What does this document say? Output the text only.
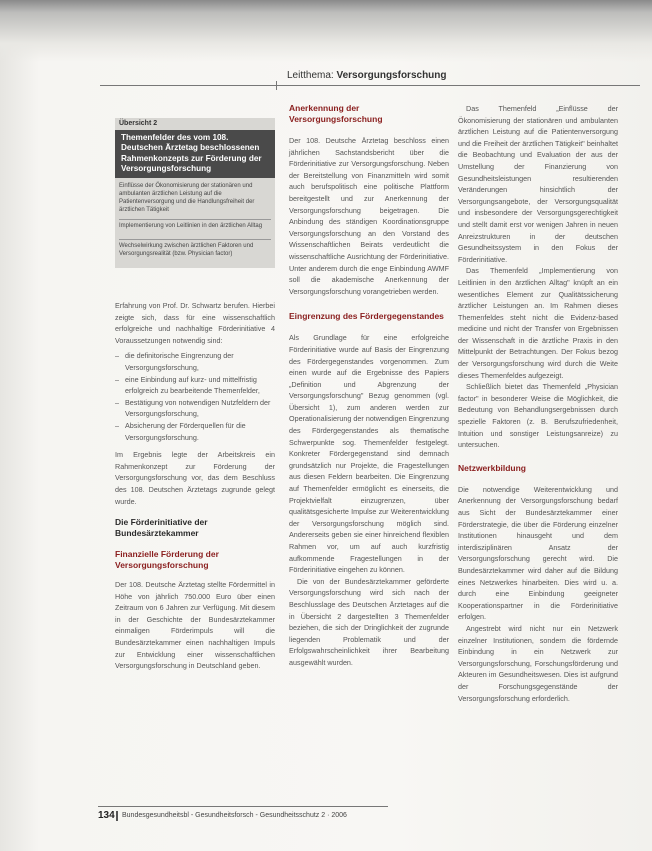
Leitthema: Versorgungsforschung
Übersicht 2
Themenfelder des vom 108. Deutschen Ärztetag beschlossenen Rahmenkonzepts zur Förderung der Versorgungsforschung
Einflüsse der Ökonomisierung der stationären und ambulanten ärztlichen Leistung auf die Patientenversorgung und die Handlungsfreiheit der ärztlichen Tätigkeit
Implementierung von Leitlinien in den ärztlichen Alltag
Wechselwirkung zwischen ärztlichen Faktoren und Versorgungsrealität (bzw. Physician factor)

Erfahrung von Prof. Dr. Schwartz berufen. Hierbei zeigte sich, dass für eine wissenschaftlich erfolgreiche und nachhaltige Förderinitiative 4 Voraussetzungen notwendig sind:

– die definitorische Eingrenzung der Versorgungsforschung,
– eine Einbindung auf kurz- und mittelfristig erfolgreich zu bearbeitende Themenfelder,
– Bestätigung von notwendigen Nutzfeldern der Versorgungsforschung,
– Absicherung der Förderquellen für die Versorgungsforschung.

Im Ergebnis legte der Arbeitskreis ein Rahmenkonzept zur Förderung der Versorgungsforschung vor, das dem Beschluss des 108. Deutschen Ärztetags zugrunde gelegt wurde.

Die Förderinitiative der Bundesärztekammer
Finanzielle Förderung der Versorgungsforschung

Der 108. Deutsche Ärztetag stellte Fördermittel in Höhe von jährlich 750.000 Euro über einen Zeitraum von 6 Jahren zur Verfügung. Mit diesem in der Geschichte der Bundesärztekammer einmaligen Förderimpuls will die Bundesärztekammer einen nachhaltigen Impuls zur Entwicklung einer wissenschaftlichen Versorgungsforschung in Deutschland geben.

Anerkennung der Versorgungsforschung

Der 108. Deutsche Ärztetag beschloss einen jährlichen Sachstandsbericht über die Förderinitiative zur Versorgungsforschung. Neben der Bereitstellung von Finanzmitteln wird somit auch berufspolitisch eine politische Plattform bereitgestellt und zur Anerkennung der Versorgungsforschung beigetragen. Die Anbindung des ständigen Koordinationsgruppe Versorgungsforschung an den Vorstand des Wissenschaftlichen Beirats verdeutlicht die wissenschaftliche Ausrichtung der Förderinitiative. Unter anderem durch die enge Einbindung AWMF soll die akademische Anerkennung der Versorgungsforschung vorangetrieben werden.

Eingrenzung des Fördergegenstandes

Als Grundlage für eine erfolgreiche Förderinitiative wurde auf Basis der Eingrenzung des Fördergegenstandes vorgenommen. Zum einen wurde auf die Ergebnisse des Papiers „Definition und Abgrenzung der Versorgungsforschung" Bezug genommen (vgl. Übersicht 1), zum anderen werden zur Operationalisierung der notwendigen Eingrenzung des Fördergegenstandes als thematische Schwerpunkte sog. Themenfelder festgelegt. Konkreter Fördergegenstand sind demnach grundsätzlich nur Projekte, die Fragestellungen aus diesen Feldern bearbeiten. Die Eingrenzung auf Themenfelder ermöglicht es einerseits, die Projektvielfalt einzugrenzen, über qualitätsgesicherte Impulse zur Weiterentwicklung der Versorgungsforschung möglich sind. Andererseits geben sie einer hinreichend flexiblen Rahmen vor, um auf auch kurzfristig aufkommende Fragestellungen in der Förderinitiative eingehen zu können.

Die von der Bundesärztekammer geförderte Versorgungsforschung wird sich nach der Beschlusslage des Deutschen Ärztetages auf die in Übersicht 2 dargestellten 3 Themenfelder beziehen, die sich der Dringlichkeit der zugrunde liegenden Problematik und der Erfolgswahrscheinlichkeit ihrer Bearbeitung ausgewählt wurden.

Das Themenfeld „Einflüsse der Ökonomisierung der stationären und ambulanten ärztlichen Leistung auf die Patientenversorgung und die Freiheit der ärztlichen Tätigkeit" beinhaltet die Beobachtung und Evaluation der aus der Umstellung der Finanzierung von Gesundheitsleistungen resultierenden Veränderungen hinsichtlich der Versorgungsangebote, der Versorgungsqualität und insbesondere der Versorgungsgerechtigkeit und stellt damit erst vor wenigen Jahren in neuen Anreizstrukturen in der deutschen Gesundheitssystem in den Fokus der Förderinitiative.

Das Themenfeld „Implementierung von Leitlinien in den ärztlichen Alltag" knüpft an ein wesentliches Element zur Qualitätssicherung ärztlicher Leistungen an. Im Rahmen dieses Themenfeldes steht nicht die Evidenz-based medicine und nicht der Transfer von Ergebnissen der Wissenschaft in die ärztliche Praxis in den Mittelpunkt der Betrachtungen. Der Fokus bezog der Versorgungsforschung wird durch die Weite dieses Themenfeldes aufgezeigt.

Schließlich bietet das Themenfeld „Physician factor" in besonderer Weise die Möglichkeit, die Bedeutung von Behandlungsergebnissen durch spezielle Faktoren (z. B. Berufszufriedenheit, Intuition und sonstiger Leistungsanreize) zu untersuchen.

Netzwerkbildung

Die notwendige Weiterentwicklung und Anerkennung der Versorgungsforschung bedarf aus Sicht der Bundesärztekammer einer Förderstrategie, die über die Förderung einzelner Institutionen hinausgeht und dem interdisziplinären Ansatz der Versorgungsforschung gerecht wird. Die Bundesärztekammer wird daher auf die Bildung eines Netzwerkes hinarbeiten. Dies wird u. a. durch eine Einbindung geeigneter Kooperationspartner in die Förderinitiative erfolgen.

Angestrebt wird nicht nur ein Netzwerk einzelner Institutionen, sondern die fördernde Einbindung in ein Netzwerk zur Versorgungsforschung, Forschungsförderung und Akteuren im Gesundheitswesen. Dies ist aufgrund der Forschungsgegenstände der Versorgungsforschung erforderlich.

134 Bundesgesundheitsbl - Gesundheitsforsch - Gesundheitsschutz 2 · 2006
